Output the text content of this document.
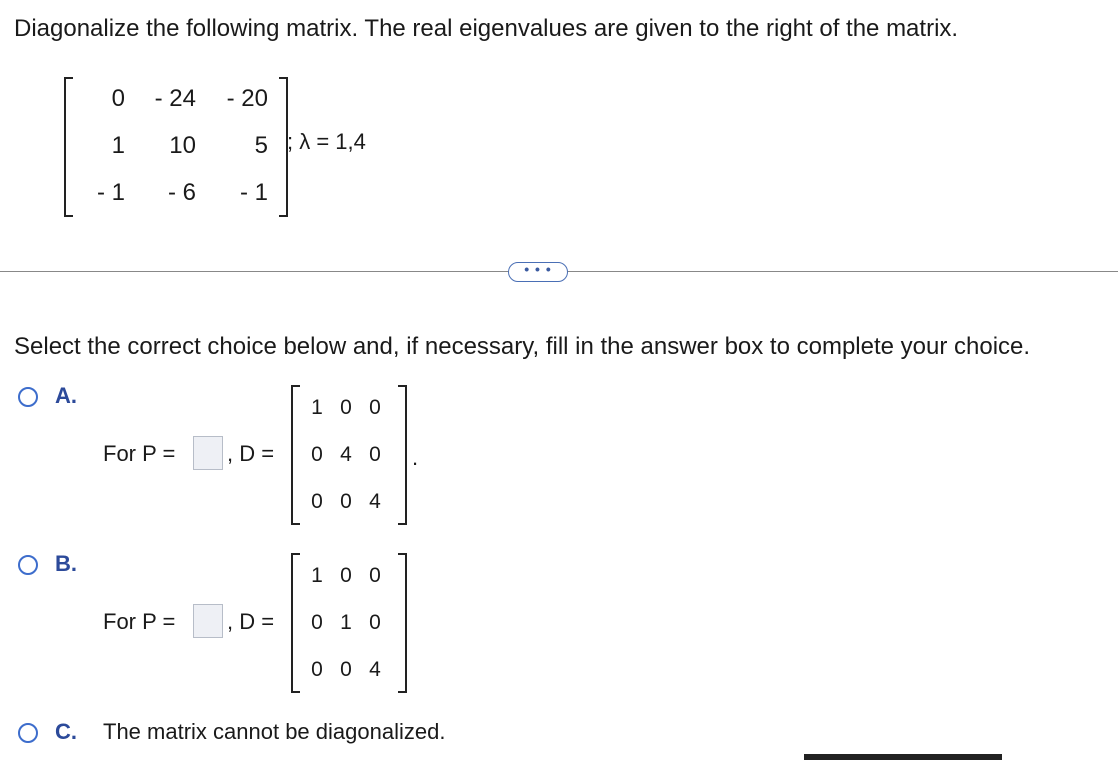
Diagonalize the following matrix. The real eigenvalues are given to the right of the matrix.
0	- 24	- 20
1	10	5
- 1	- 6	- 1
; λ = 1,4
• • •
Select the correct choice below and, if necessary, fill in the answer box to complete your choice.
A.
For P = , D =
1 0 0
0 4 0
0 0 4
.
B.
For P = , D =
1 0 0
0 1 0
0 0 4
C. The matrix cannot be diagonalized.
